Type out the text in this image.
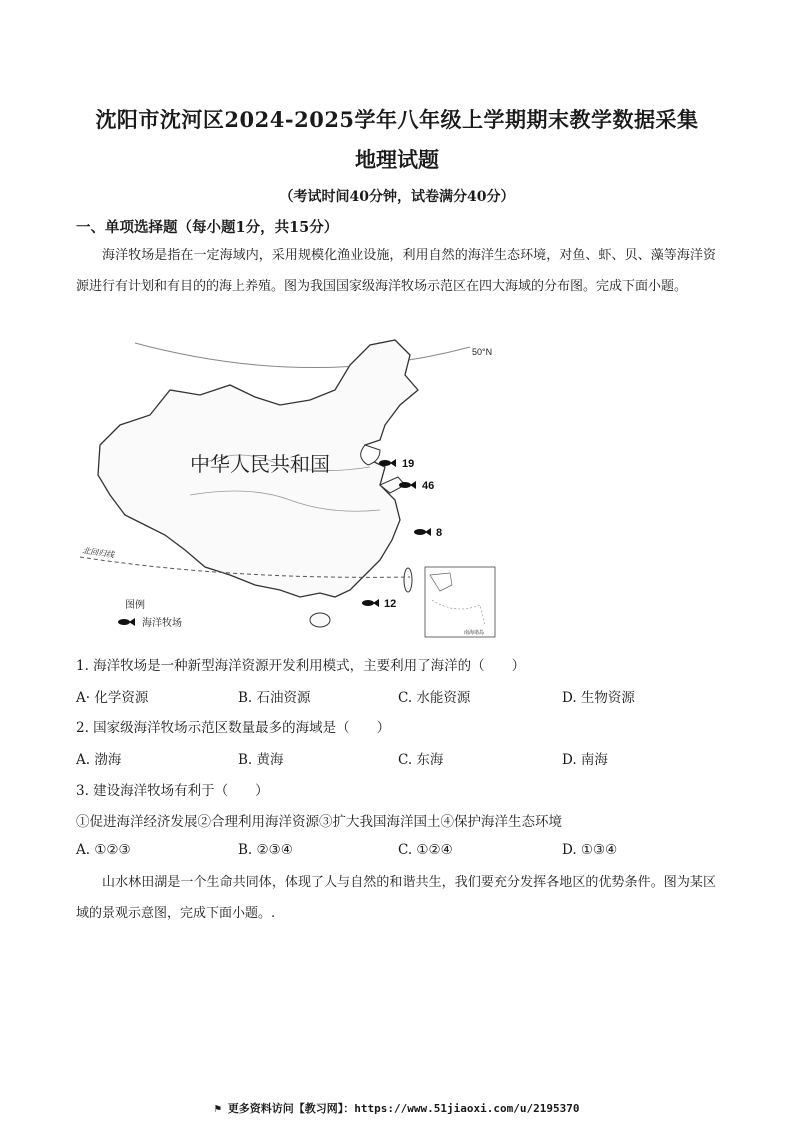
沈阳市沈河区2024-2025学年八年级上学期期末教学数据采集
地理试题
（考试时间40分钟，试卷满分40分）
一、单项选择题（每小题1分，共15分）
海洋牧场是指在一定海域内，采用规模化渔业设施，利用自然的海洋生态环境，对鱼、虾、贝、藻等海洋资源进行有计划和有目的的海上养殖。图为我国国家级海洋牧场示范区在四大海域的分布图。完成下面小题。
50°N
中华人民共和国
北回归线
19
46
8
12
南海诸岛
图例
海洋牧场
1. 海洋牧场是一种新型海洋资源开发利用模式，主要利用了海洋的（　　）
A· 化学资源	B. 石油资源	C. 水能资源	D. 生物资源
2. 国家级海洋牧场示范区数量最多的海域是（　　）
A. 渤海	B. 黄海	C. 东海	D. 南海
3. 建设海洋牧场有利于（　　）
①促进海洋经济发展②合理利用海洋资源③扩大我国海洋国土④保护海洋生态环境
A. ①②③	B. ②③④	C. ①②④	D. ①③④
山水林田湖是一个生命共同体，体现了人与自然的和谐共生，我们要充分发挥各地区的优势条件。图为某区域的景观示意图，完成下面小题。.
⚑ 更多资料访问【教习网】：https://www.51jiaoxi.com/u/2195370
